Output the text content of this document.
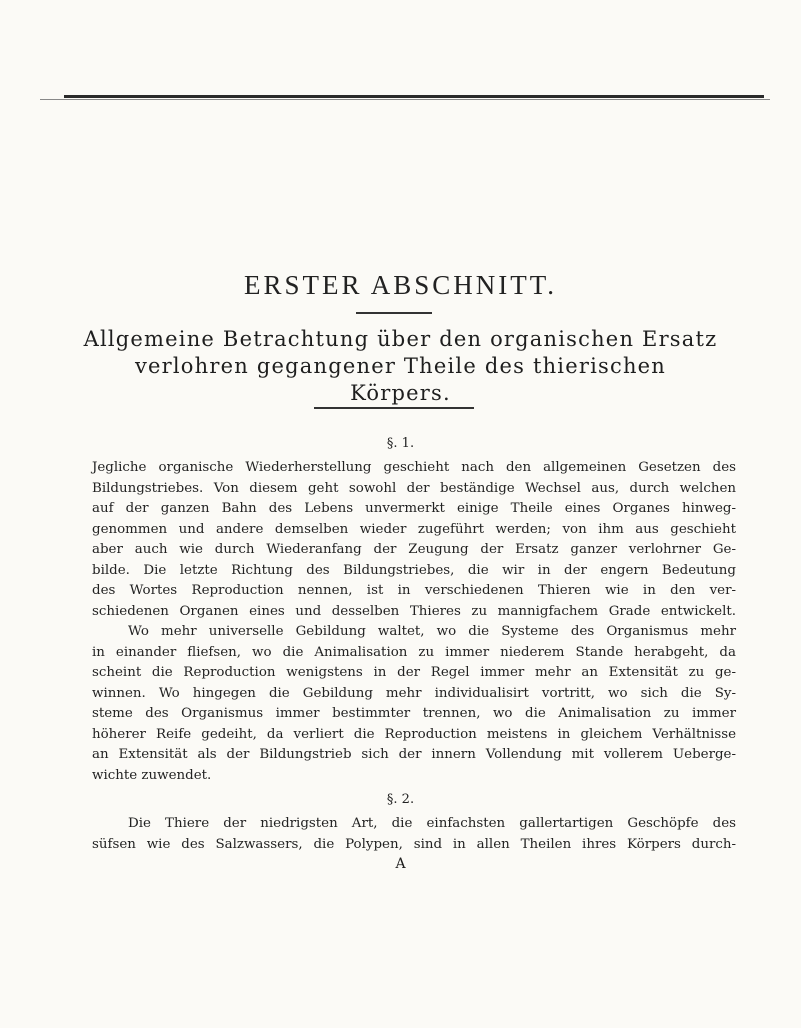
ERSTER ABSCHNITT.
Allgemeine Betrachtung über den organischen Ersatz
verlohren gegangener Theile des thierischen
Körpers.
§. 1.
Jegliche organische Wiederherstellung geschieht nach den allgemeinen Gesetzen des
Bildungstriebes. Von diesem geht sowohl der beständige Wechsel aus, durch welchen
auf der ganzen Bahn des Lebens unvermerkt einige Theile eines Organes hinweg-
genommen und andere demselben wieder zugeführt werden; von ihm aus geschieht
aber auch wie durch Wiederanfang der Zeugung der Ersatz ganzer verlohrner Ge-
bilde. Die letzte Richtung des Bildungstriebes, die wir in der engern Bedeutung
des Wortes Reproduction nennen, ist in verschiedenen Thieren wie in den ver-
schiedenen Organen eines und desselben Thieres zu mannigfachem Grade entwickelt.
Wo mehr universelle Gebildung waltet, wo die Systeme des Organismus mehr
in einander fliefsen, wo die Animalisation zu immer niederem Stande herabgeht, da
scheint die Reproduction wenigstens in der Regel immer mehr an Extensität zu ge-
winnen. Wo hingegen die Gebildung mehr individualisirt vortritt, wo sich die Sy-
steme des Organismus immer bestimmter trennen, wo die Animalisation zu immer
höherer Reife gedeiht, da verliert die Reproduction meistens in gleichem Verhältnisse
an Extensität als der Bildungstrieb sich der innern Vollendung mit vollerem Ueberge-
wichte zuwendet.
§. 2.
Die Thiere der niedrigsten Art, die einfachsten gallertartigen Geschöpfe des
süfsen wie des Salzwassers, die Polypen, sind in allen Theilen ihres Körpers durch-
A
